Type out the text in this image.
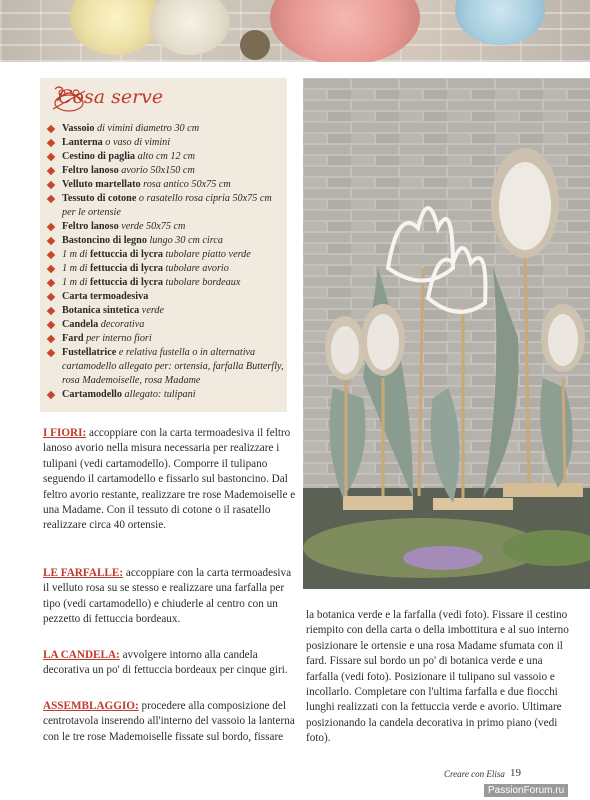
Cosa serve
Vassoio di vimini diametro 30 cm
Lanterna o vaso di vimini
Cestino di paglia alto cm 12 cm
Feltro lanoso avorio 50x150 cm
Velluto martellato rosa antico 50x75 cm
Tessuto di cotone o rasatello rosa cipria 50x75 cm per le ortensie
Feltro lanoso verde 50x75 cm
Bastoncino di legno lungo 30 cm circa
1 m di fettuccia di lycra tubolare piatto verde
1 m di fettuccia di lycra tubolare avorio
1 m di fettuccia di lycra tubolare bordeaux
Carta termoadesiva
Botanica sintetica verde
Candela decorativa
Fard per interno fiori
Fustellatrice e relativa fustella o in alternativa cartamodello allegato per: ortensia, farfalla Butterfly, rosa Mademoiselle, rosa Madame
Cartamodello allegato: tulipani

I FIORI: accoppiare con la carta termoadesiva il feltro lanoso avorio nella misura necessaria per realizzare i tulipani (vedi cartamodello). Comporre il tulipano seguendo il cartamodello e fissarlo sul bastoncino. Dal feltro avorio restante, realizzare tre rose Mademoiselle e una Madame. Con il tessuto di cotone o il rasatello realizzare circa 40 ortensie.

LE FARFALLE: accoppiare con la carta termoadesiva il velluto rosa su se stesso e realizzare una farfalla per tipo (vedi cartamodello) e chiuderle al centro con un pezzetto di fettuccia bordeaux.

LA CANDELA: avvolgere intorno alla candela decorativa un po' di fettuccia bordeaux per cinque giri.

ASSEMBLAGGIO: procedere alla composizione del centrotavola inserendo all'interno del vassoio la lanterna con le tre rose Mademoiselle fissate sul bordo, fissare

la botanica verde e la farfalla (vedi foto). Fissare il cestino riempito con della carta o della imbottitura e al suo interno posizionare le ortensie e una rosa Madame sfumata con il fard. Fissare sul bordo un po' di botanica verde e una farfalla (vedi foto). Posizionare il tulipano sul vassoio e incollarlo. Completare con l'ultima farfalla e due fiocchi lunghi realizzati con la fettuccia verde e avorio. Ultimare posizionando la candela decorativa in primo piano (vedi foto).

Creare con Elisa 19
PassionForum.ru
